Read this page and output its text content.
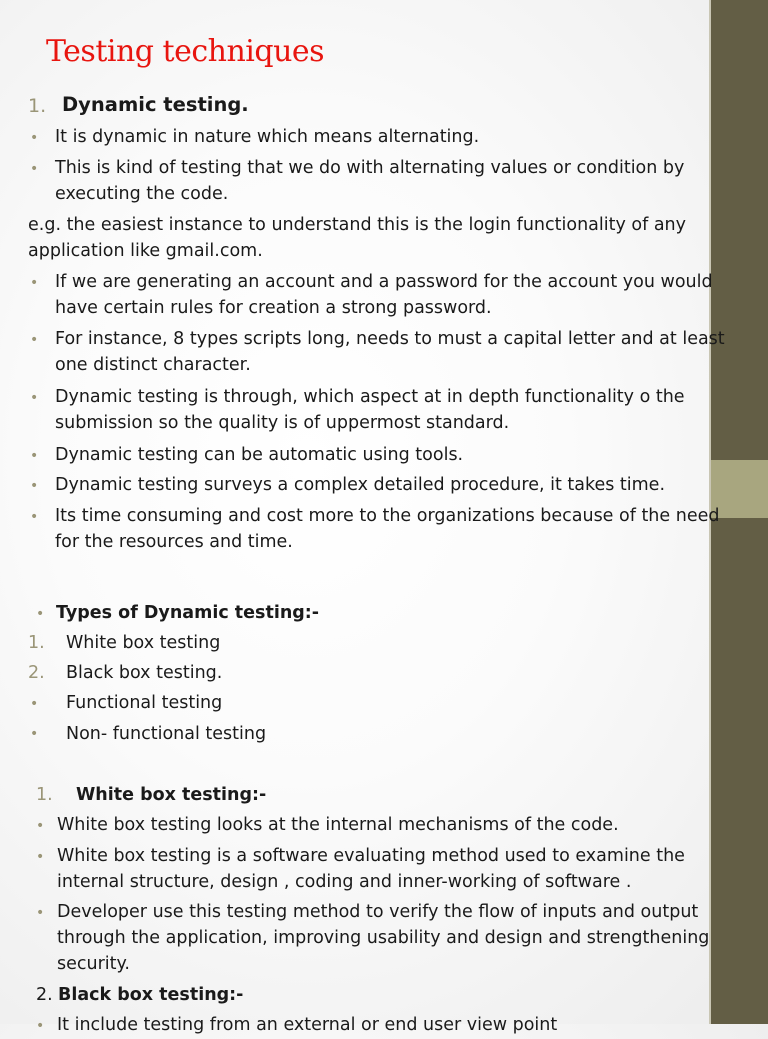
Testing techniques
1. Dynamic testing.
• It is dynamic in nature which means alternating.
• This is kind of testing that we do with alternating values or condition by
executing the code.
e.g. the easiest instance to understand this is the login functionality of any
application like gmail.com.
• If we are generating an account and a password for the account you would
have certain rules for creation a strong password.
• For instance, 8 types scripts long, needs to must a capital letter and at least
one distinct character.
• Dynamic testing is through, which aspect at in depth functionality o the
submission so the quality is of uppermost standard.
• Dynamic testing can be automatic using tools.
• Dynamic testing surveys a complex detailed procedure, it takes time.
• Its time consuming and cost more to the organizations because of the need
for the resources and time.
• Types of Dynamic testing:-
1. White box testing
2. Black box testing.
• Functional testing
• Non- functional testing
1. White box testing:-
• White box testing looks at the internal mechanisms of the code.
• White box testing is a software evaluating method used to examine the
internal structure, design , coding and inner-working of software .
• Developer use this testing method to verify the flow of inputs and output
through the application, improving usability and design and strengthening
security.
2. Black box testing:-
• It include testing from an external or end user view point
